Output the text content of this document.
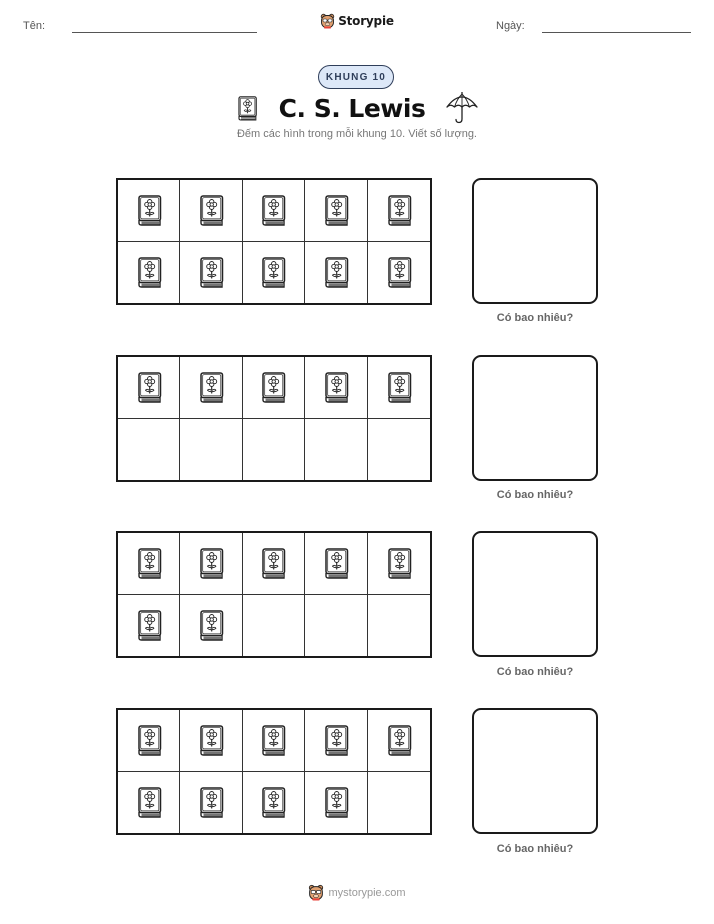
Tên:	Storypie	Ngày:
KHUNG 10
C. S. Lewis
Đếm các hình trong mỗi khung 10. Viết số lượng.
Có bao nhiêu?
Có bao nhiêu?
Có bao nhiêu?
Có bao nhiêu?
mystorypie.com
